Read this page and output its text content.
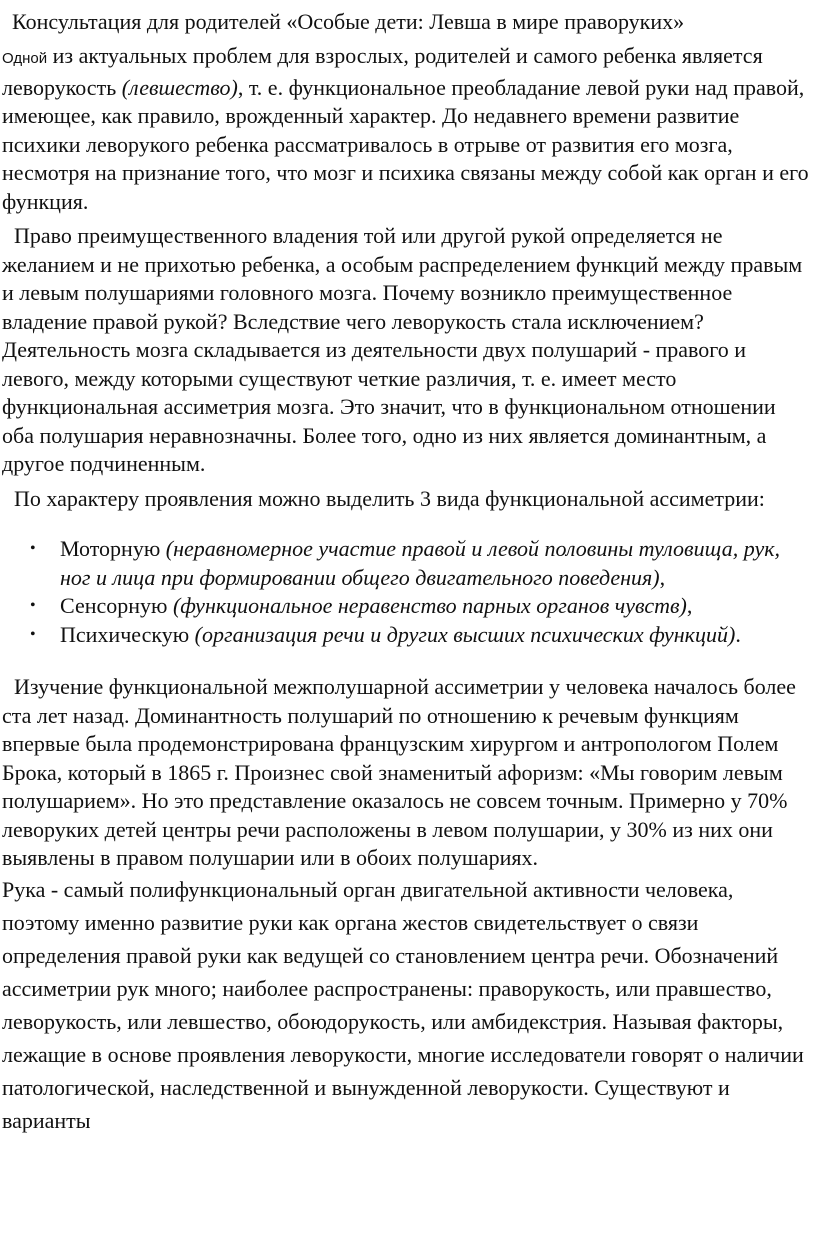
Консультация для родителей «Особые дети: Левша в мире праворуких»

Одной из актуальных проблем для взрослых, родителей и самого ребенка является леворукость (левшество), т. е. функциональное преобладание левой руки над правой, имеющее, как правило, врожденный характер. До недавнего времени развитие психики леворукого ребенка рассматривалось в отрыве от развития его мозга, несмотря на признание того, что мозг и психика связаны между собой как орган и его функция.

Право преимущественного владения той или другой рукой определяется не желанием и не прихотью ребенка, а особым распределением функций между правым и левым полушариями головного мозга. Почему возникло преимущественное владение правой рукой? Вследствие чего леворукость стала исключением? Деятельность мозга складывается из деятельности двух полушарий - правого и левого, между которыми существуют четкие различия, т. е. имеет место функциональная ассиметрия мозга. Это значит, что в функциональном отношении оба полушария неравнозначны. Более того, одно из них является доминантным, а другое подчиненным.

По характеру проявления можно выделить 3 вида функциональной ассиметрии:

• Моторную (неравномерное участие правой и левой половины туловища, рук, ног и лица при формировании общего двигательного поведения),
• Сенсорную (функциональное неравенство парных органов чувств),
• Психическую (организация речи и других высших психических функций).

Изучение функциональной межполушарной ассиметрии у человека началось более ста лет назад. Доминантность полушарий по отношению к речевым функциям впервые была продемонстрирована французским хирургом и антропологом Полем Брока, который в 1865 г. Произнес свой знаменитый афоризм: «Мы говорим левым полушарием». Но это представление оказалось не совсем точным. Примерно у 70% леворуких детей центры речи расположены в левом полушарии, у 30% из них они выявлены в правом полушарии или в обоих полушариях.

Рука - самый полифункциональный орган двигательной активности человека, поэтому именно развитие руки как органа жестов свидетельствует о связи определения правой руки как ведущей со становлением центра речи. Обозначений ассиметрии рук много; наиболее распространены: праворукость, или правшество, леворукость, или левшество, обоюдорукость, или амбидекстрия. Называя факторы, лежащие в основе проявления леворукости, многие исследователи говорят о наличии патологической, наследственной и вынужденной леворукости. Существуют и варианты
